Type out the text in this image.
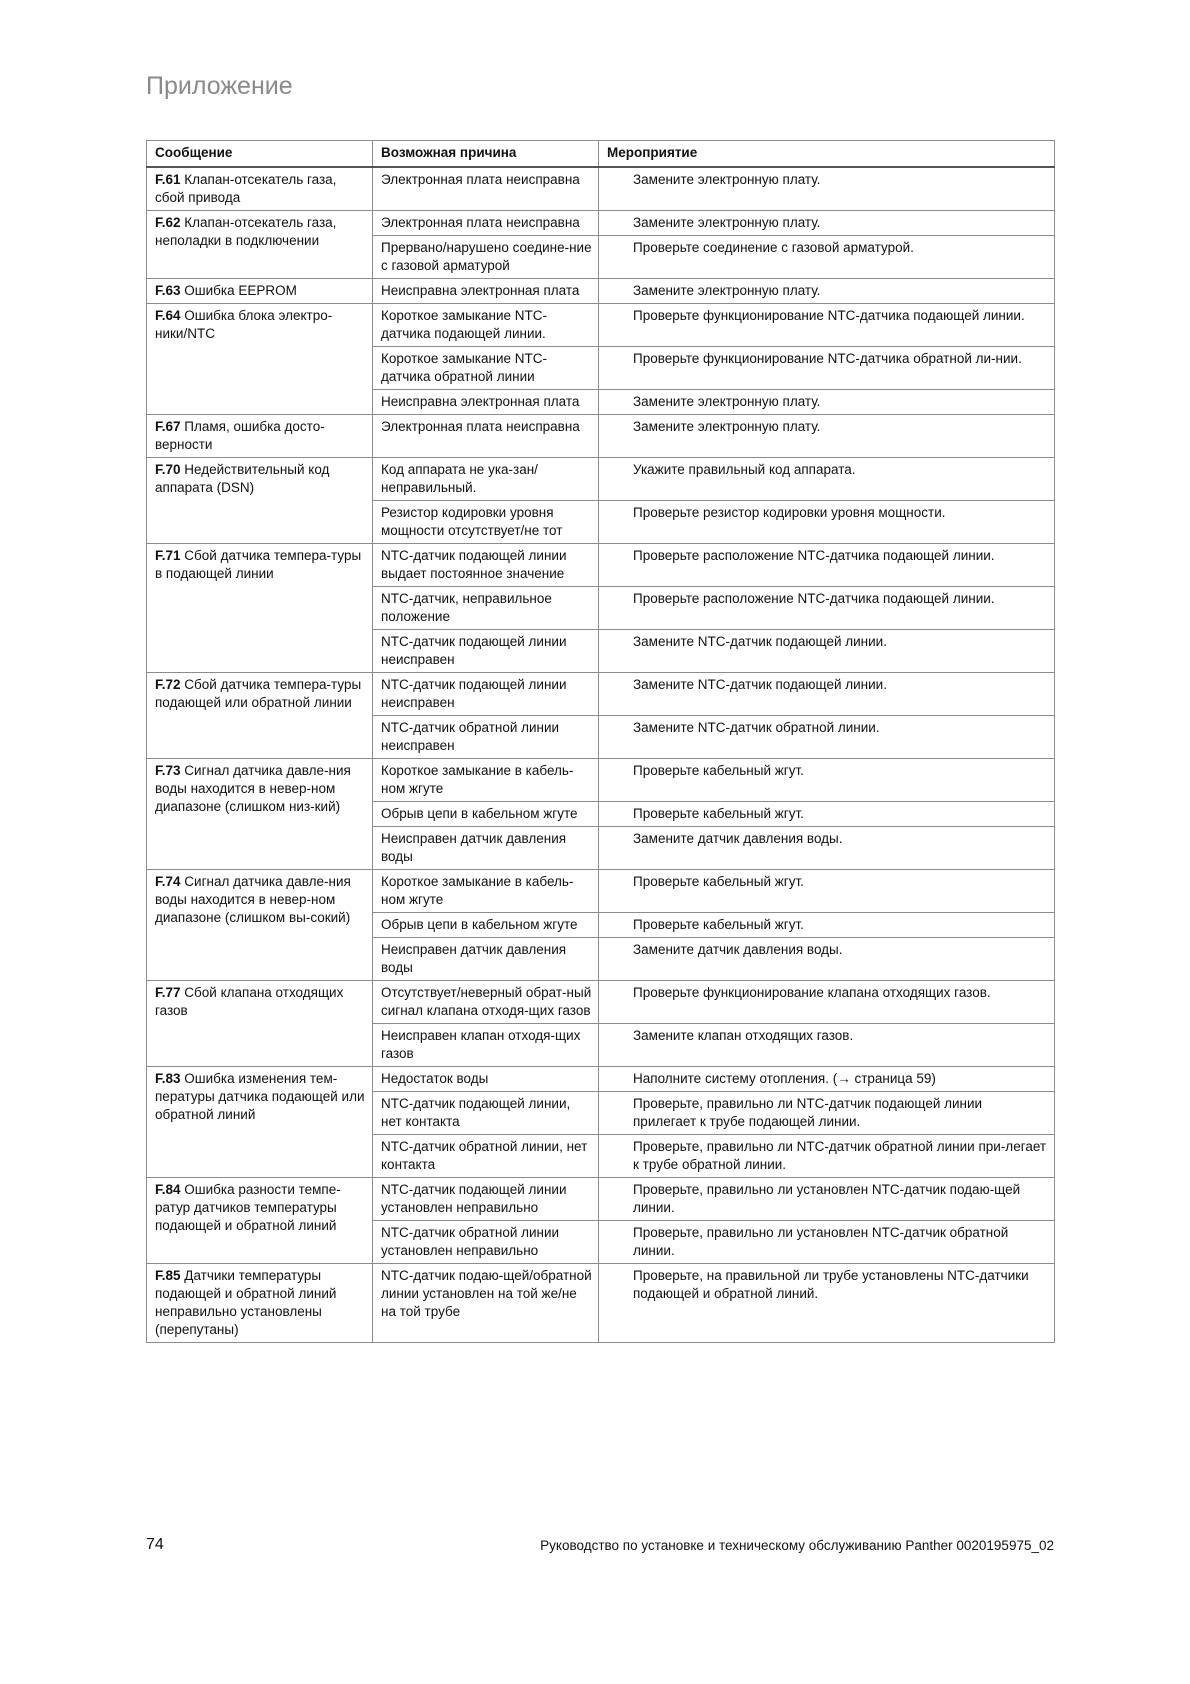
Приложение
Сообщение	Возможная причина	Мероприятие
F.61 Клапан-отсекатель газа, сбой привода	Электронная плата неисправна	Замените электронную плату.
F.62 Клапан-отсекатель газа, неполадки в подключении	Электронная плата неисправна	Замените электронную плату.
	Прервано/нарушено соедине-ние с газовой арматурой	Проверьте соединение с газовой арматурой.
F.63 Ошибка EEPROM	Неисправна электронная плата	Замените электронную плату.
F.64 Ошибка блока электро-ники/NTC	Короткое замыкание NTC-датчика подающей линии.	Проверьте функционирование NTC-датчика подающей линии.
	Короткое замыкание NTC-датчика обратной линии	Проверьте функционирование NTC-датчика обратной ли-нии.
	Неисправна электронная плата	Замените электронную плату.
F.67 Пламя, ошибка досто-верности	Электронная плата неисправна	Замените электронную плату.
F.70 Недействительный код аппарата (DSN)	Код аппарата не ука-зан/неправильный.	Укажите правильный код аппарата.
	Резистор кодировки уровня мощности отсутствует/не тот	Проверьте резистор кодировки уровня мощности.
F.71 Сбой датчика темпера-туры в подающей линии	NTC-датчик подающей линии выдает постоянное значение	Проверьте расположение NTC-датчика подающей линии.
	NTC-датчик, неправильное положение	Проверьте расположение NTC-датчика подающей линии.
	NTC-датчик подающей линии неисправен	Замените NTC-датчик подающей линии.
F.72 Сбой датчика темпера-туры подающей или обратной линии	NTC-датчик подающей линии неисправен	Замените NTC-датчик подающей линии.
	NTC-датчик обратной линии неисправен	Замените NTC-датчик обратной линии.
F.73 Сигнал датчика давле-ния воды находится в невер-ном диапазоне (слишком низ-кий)	Короткое замыкание в кабель-ном жгуте	Проверьте кабельный жгут.
	Обрыв цепи в кабельном жгуте	Проверьте кабельный жгут.
	Неисправен датчик давления воды	Замените датчик давления воды.
F.74 Сигнал датчика давле-ния воды находится в невер-ном диапазоне (слишком вы-сокий)	Короткое замыкание в кабель-ном жгуте	Проверьте кабельный жгут.
	Обрыв цепи в кабельном жгуте	Проверьте кабельный жгут.
	Неисправен датчик давления воды	Замените датчик давления воды.
F.77 Сбой клапана отходящих газов	Отсутствует/неверный обрат-ный сигнал клапана отходя-щих газов	Проверьте функционирование клапана отходящих газов.
	Неисправен клапан отходя-щих газов	Замените клапан отходящих газов.
F.83 Ошибка изменения тем-пературы датчика подающей или обратной линий	Недостаток воды	Наполните систему отопления. (→ страница 59)
	NTC-датчик подающей линии, нет контакта	Проверьте, правильно ли NTC-датчик подающей линии прилегает к трубе подающей линии.
	NTC-датчик обратной линии, нет контакта	Проверьте, правильно ли NTC-датчик обратной линии при-легает к трубе обратной линии.
F.84 Ошибка разности темпе-ратур датчиков температуры подающей и обратной линий	NTC-датчик подающей линии установлен неправильно	Проверьте, правильно ли установлен NTC-датчик подаю-щей линии.
	NTC-датчик обратной линии установлен неправильно	Проверьте, правильно ли установлен NTC-датчик обратной линии.
F.85 Датчики температуры подающей и обратной линий неправильно установлены (перепутаны)	NTC-датчик подаю-щей/обратной линии установлен на той же/не на той трубе	Проверьте, на правильной ли трубе установлены NTC-датчики подающей и обратной линий.
74	Руководство по установке и техническому обслуживанию Panther 0020195975_02
